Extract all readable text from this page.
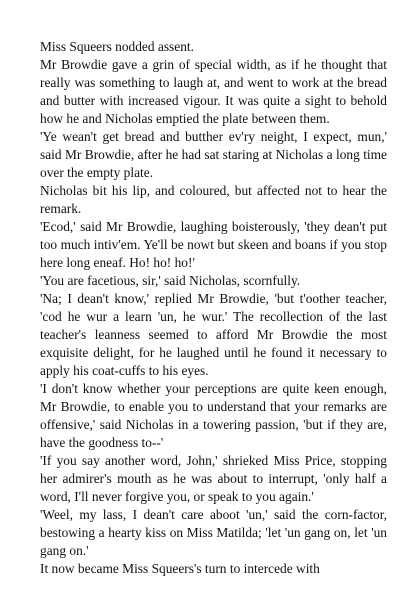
Miss Squeers nodded assent.

Mr Browdie gave a grin of special width, as if he thought that really was something to laugh at, and went to work at the bread and butter with increased vigour. It was quite a sight to behold how he and Nicholas emptied the plate between them.

'Ye wean't get bread and butther ev'ry neight, I expect, mun,' said Mr Browdie, after he had sat staring at Nicholas a long time over the empty plate.

Nicholas bit his lip, and coloured, but affected not to hear the remark.

'Ecod,' said Mr Browdie, laughing boisterously, 'they dean't put too much intiv'em. Ye'll be nowt but skeen and boans if you stop here long eneaf. Ho! ho! ho!'

'You are facetious, sir,' said Nicholas, scornfully.

'Na; I dean't know,' replied Mr Browdie, 'but t'oother teacher, 'cod he wur a learn 'un, he wur.' The recollection of the last teacher's leanness seemed to afford Mr Browdie the most exquisite delight, for he laughed until he found it necessary to apply his coat-cuffs to his eyes.

'I don't know whether your perceptions are quite keen enough, Mr Browdie, to enable you to understand that your remarks are offensive,' said Nicholas in a towering passion, 'but if they are, have the goodness to--'

'If you say another word, John,' shrieked Miss Price, stopping her admirer's mouth as he was about to interrupt, 'only half a word, I'll never forgive you, or speak to you again.'

'Weel, my lass, I dean't care aboot 'un,' said the corn-factor, bestowing a hearty kiss on Miss Matilda; 'let 'un gang on, let 'un gang on.'

It now became Miss Squeers's turn to intercede with
